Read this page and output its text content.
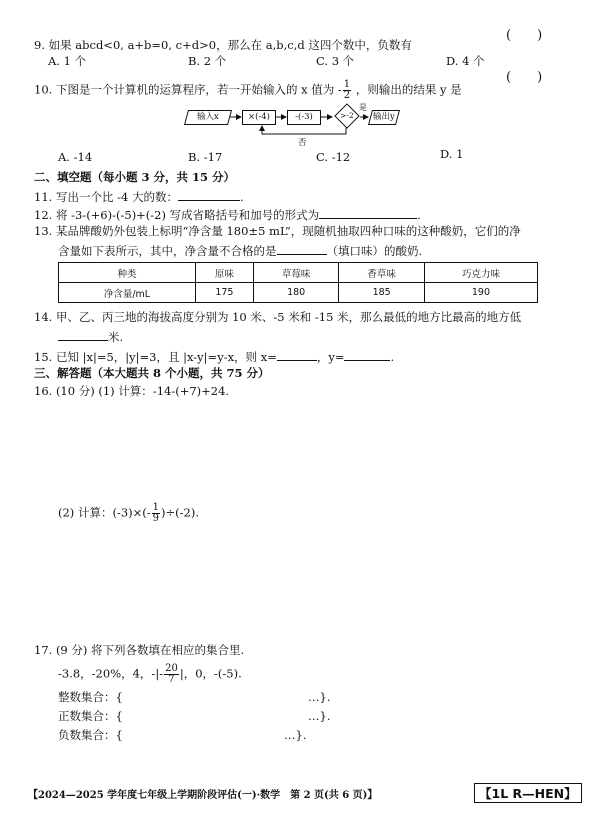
9. 如果 abcd<0, a+b=0, c+d>0，那么在 a,b,c,d 这四个数中，负数有
(　　)
A. 1 个	B. 2 个	C. 3 个	D. 4 个
10. 下图是一个计算机的运算程序，若一开始输入的 x 值为 - $\frac{1}{2}$ ，则输出的结果 y 是
(　　)
输入x	×(-4)	-(-3)	>-2
是
输出y
否
A. -14	B. -17	C. -12	D. 1
二、填空题（每小题 3 分，共 15 分）
11. 写出一个比 -4 大的数：	.
12. 将 -3-(+6)-(-5)+(-2) 写成省略括号和加号的形式为	.
13. 某品牌酸奶外包装上标明“净含量 180±5 mL”，现随机抽取四种口味的这种酸奶，它们的净
含量如下表所示，其中，净含量不合格的是	（填口味）的酸奶.
种类	原味	草莓味	香草味	巧克力味
净含量/mL	175	180	185	190
14. 甲、乙、丙三地的海拔高度分别为 10 米、-5 米和 -15 米，那么最低的地方比最高的地方低
米.
15. 已知 |x|=5，|y|=3，且 |x-y|=y-x，则 x=	，y=	.
三、解答题（本大题共 8 个小题，共 75 分）
16. (10 分) (1) 计算：-14-(+7)+24.
(2) 计算：$(-3)\times(- \frac{1}{9} )\div(-2)$.
17. (9 分) 将下列各数填在相应的集合里.
-3.8，-20%，4，-|- $\frac{20}{7}$ |，0，-(-5).
整数集合：{	…}.
正数集合：{	…}.
负数集合：{	…}.
【2024—2025 学年度七年级上学期阶段评估(一)·数学　第 2 页(共 6 页)】	【1L R—HEN】
